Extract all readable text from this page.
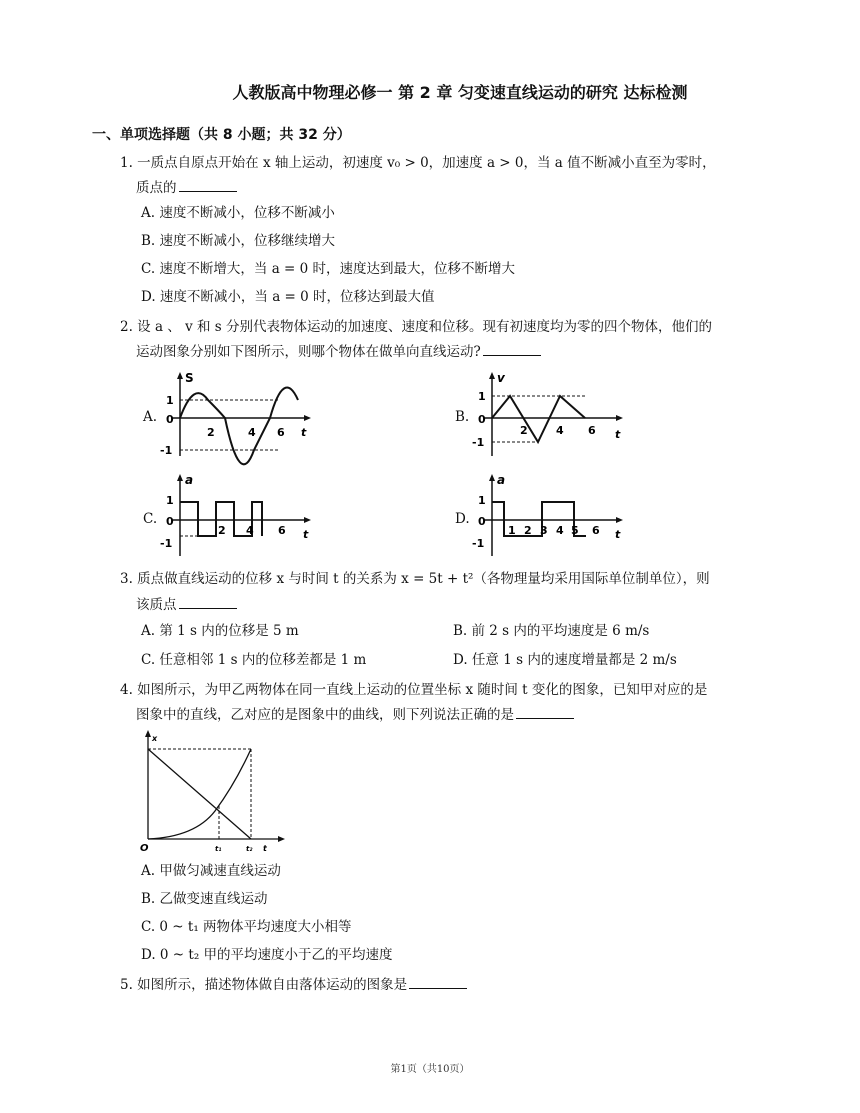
人教版高中物理必修一 第 2 章 匀变速直线运动的研究 达标检测
一、单项选择题（共 8 小题；共 32 分）
1. 一质点自原点开始在 x 轴上运动，初速度 v₀ > 0，加速度 a > 0，当 a 值不断减小直至为零时，
质点的
A. 速度不断减小，位移不断减小
B. 速度不断减小，位移继续增大
C. 速度不断增大，当 a = 0 时，速度达到最大，位移不断增大
D. 速度不断减小，当 a = 0 时，位移达到最大值
2. 设 a 、 v 和 s 分别代表物体运动的加速度、速度和位移。现有初速度均为零的四个物体，他们的
运动图象分别如下图所示，则哪个物体在做单向直线运动?
A.	B.
C.	D.
S
1
0
-1
2	4 6 t
v
1
0
-1
2	4 6 t
a
1
0
-1
2 4 6 t
a
1
0
-1
1 2 3 4 5 6 t
3. 质点做直线运动的位移 x 与时间 t 的关系为 x = 5t + t²（各物理量均采用国际单位制单位），则
该质点
A. 第 1 s 内的位移是 5 m	B. 前 2 s 内的平均速度是 6 m/s
C. 任意相邻 1 s 内的位移差都是 1 m	D. 任意 1 s 内的速度增量都是 2 m/s
4. 如图所示，为甲乙两物体在同一直线上运动的位置坐标 x 随时间 t 变化的图象，已知甲对应的是
图象中的直线，乙对应的是图象中的曲线，则下列说法正确的是
x
O	t₁	t₂ t
A. 甲做匀减速直线运动
B. 乙做变速直线运动
C. 0 ~ t₁ 两物体平均速度大小相等
D. 0 ~ t₂ 甲的平均速度小于乙的平均速度
5. 如图所示，描述物体做自由落体运动的图象是
第1页（共10页）
